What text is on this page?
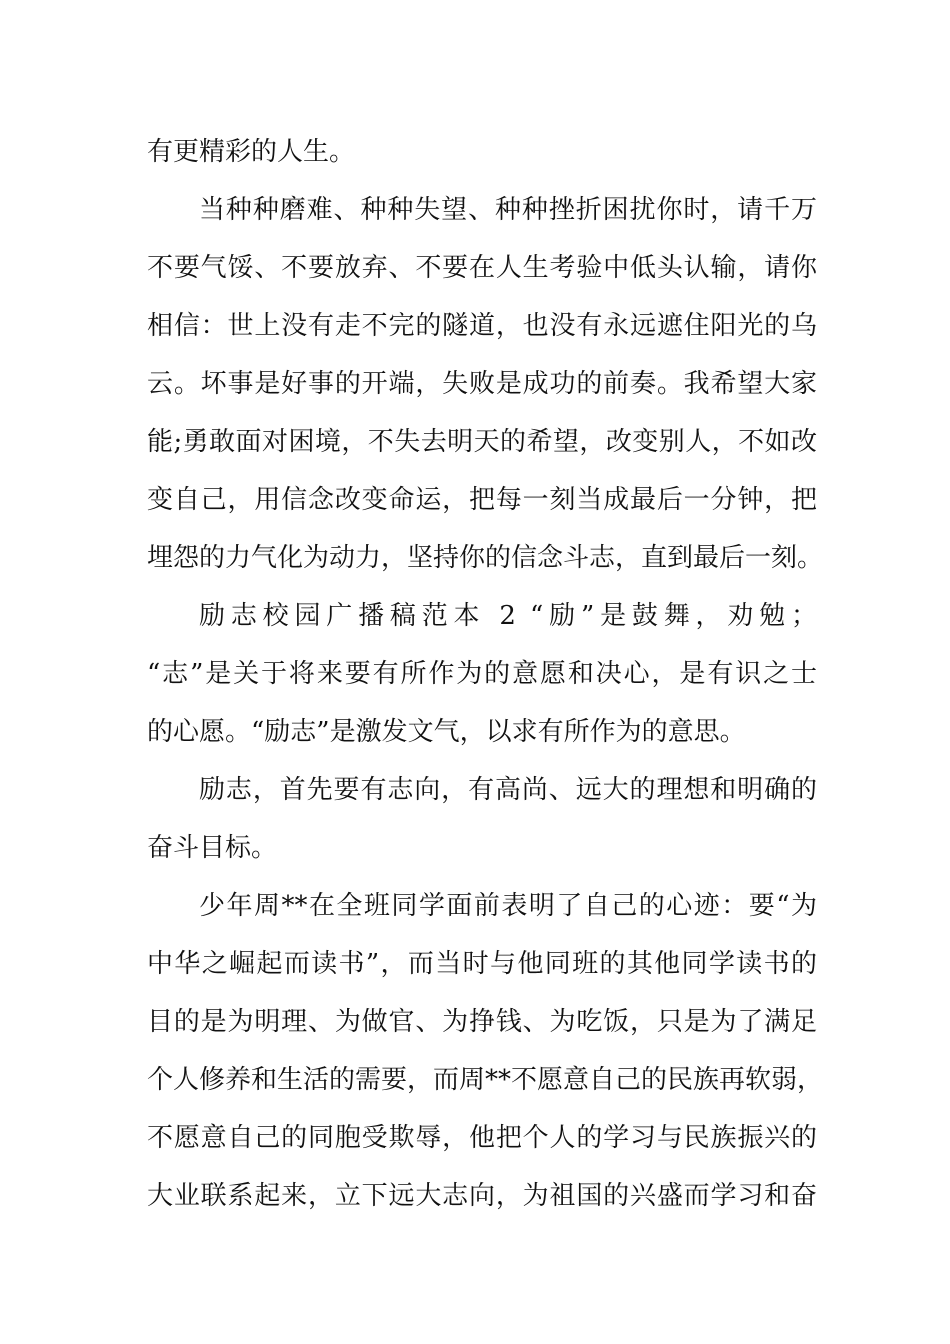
有更精彩的人生。
当种种磨难、种种失望、种种挫折困扰你时，请千万
不要气馁、不要放弃、不要在人生考验中低头认输，请你
相信：世上没有走不完的隧道，也没有永远遮住阳光的乌
云。坏事是好事的开端，失败是成功的前奏。我希望大家
能;勇敢面对困境，不失去明天的希望，改变别人，不如改
变自己，用信念改变命运，把每一刻当成最后一分钟，把
埋怨的力气化为动力，坚持你的信念斗志，直到最后一刻。
励志校园广播稿范本 2 “励”是鼓舞，劝勉；
“志”是关于将来要有所作为的意愿和决心，是有识之士
的心愿。“励志”是激发文气，以求有所作为的意思。
励志，首先要有志向，有高尚、远大的理想和明确的
奋斗目标。
少年周**在全班同学面前表明了自己的心迹：要“为
中华之崛起而读书”，而当时与他同班的其他同学读书的
目的是为明理、为做官、为挣钱、为吃饭，只是为了满足
个人修养和生活的需要，而周**不愿意自己的民族再软弱，
不愿意自己的同胞受欺辱，他把个人的学习与民族振兴的
大业联系起来，立下远大志向，为祖国的兴盛而学习和奋
